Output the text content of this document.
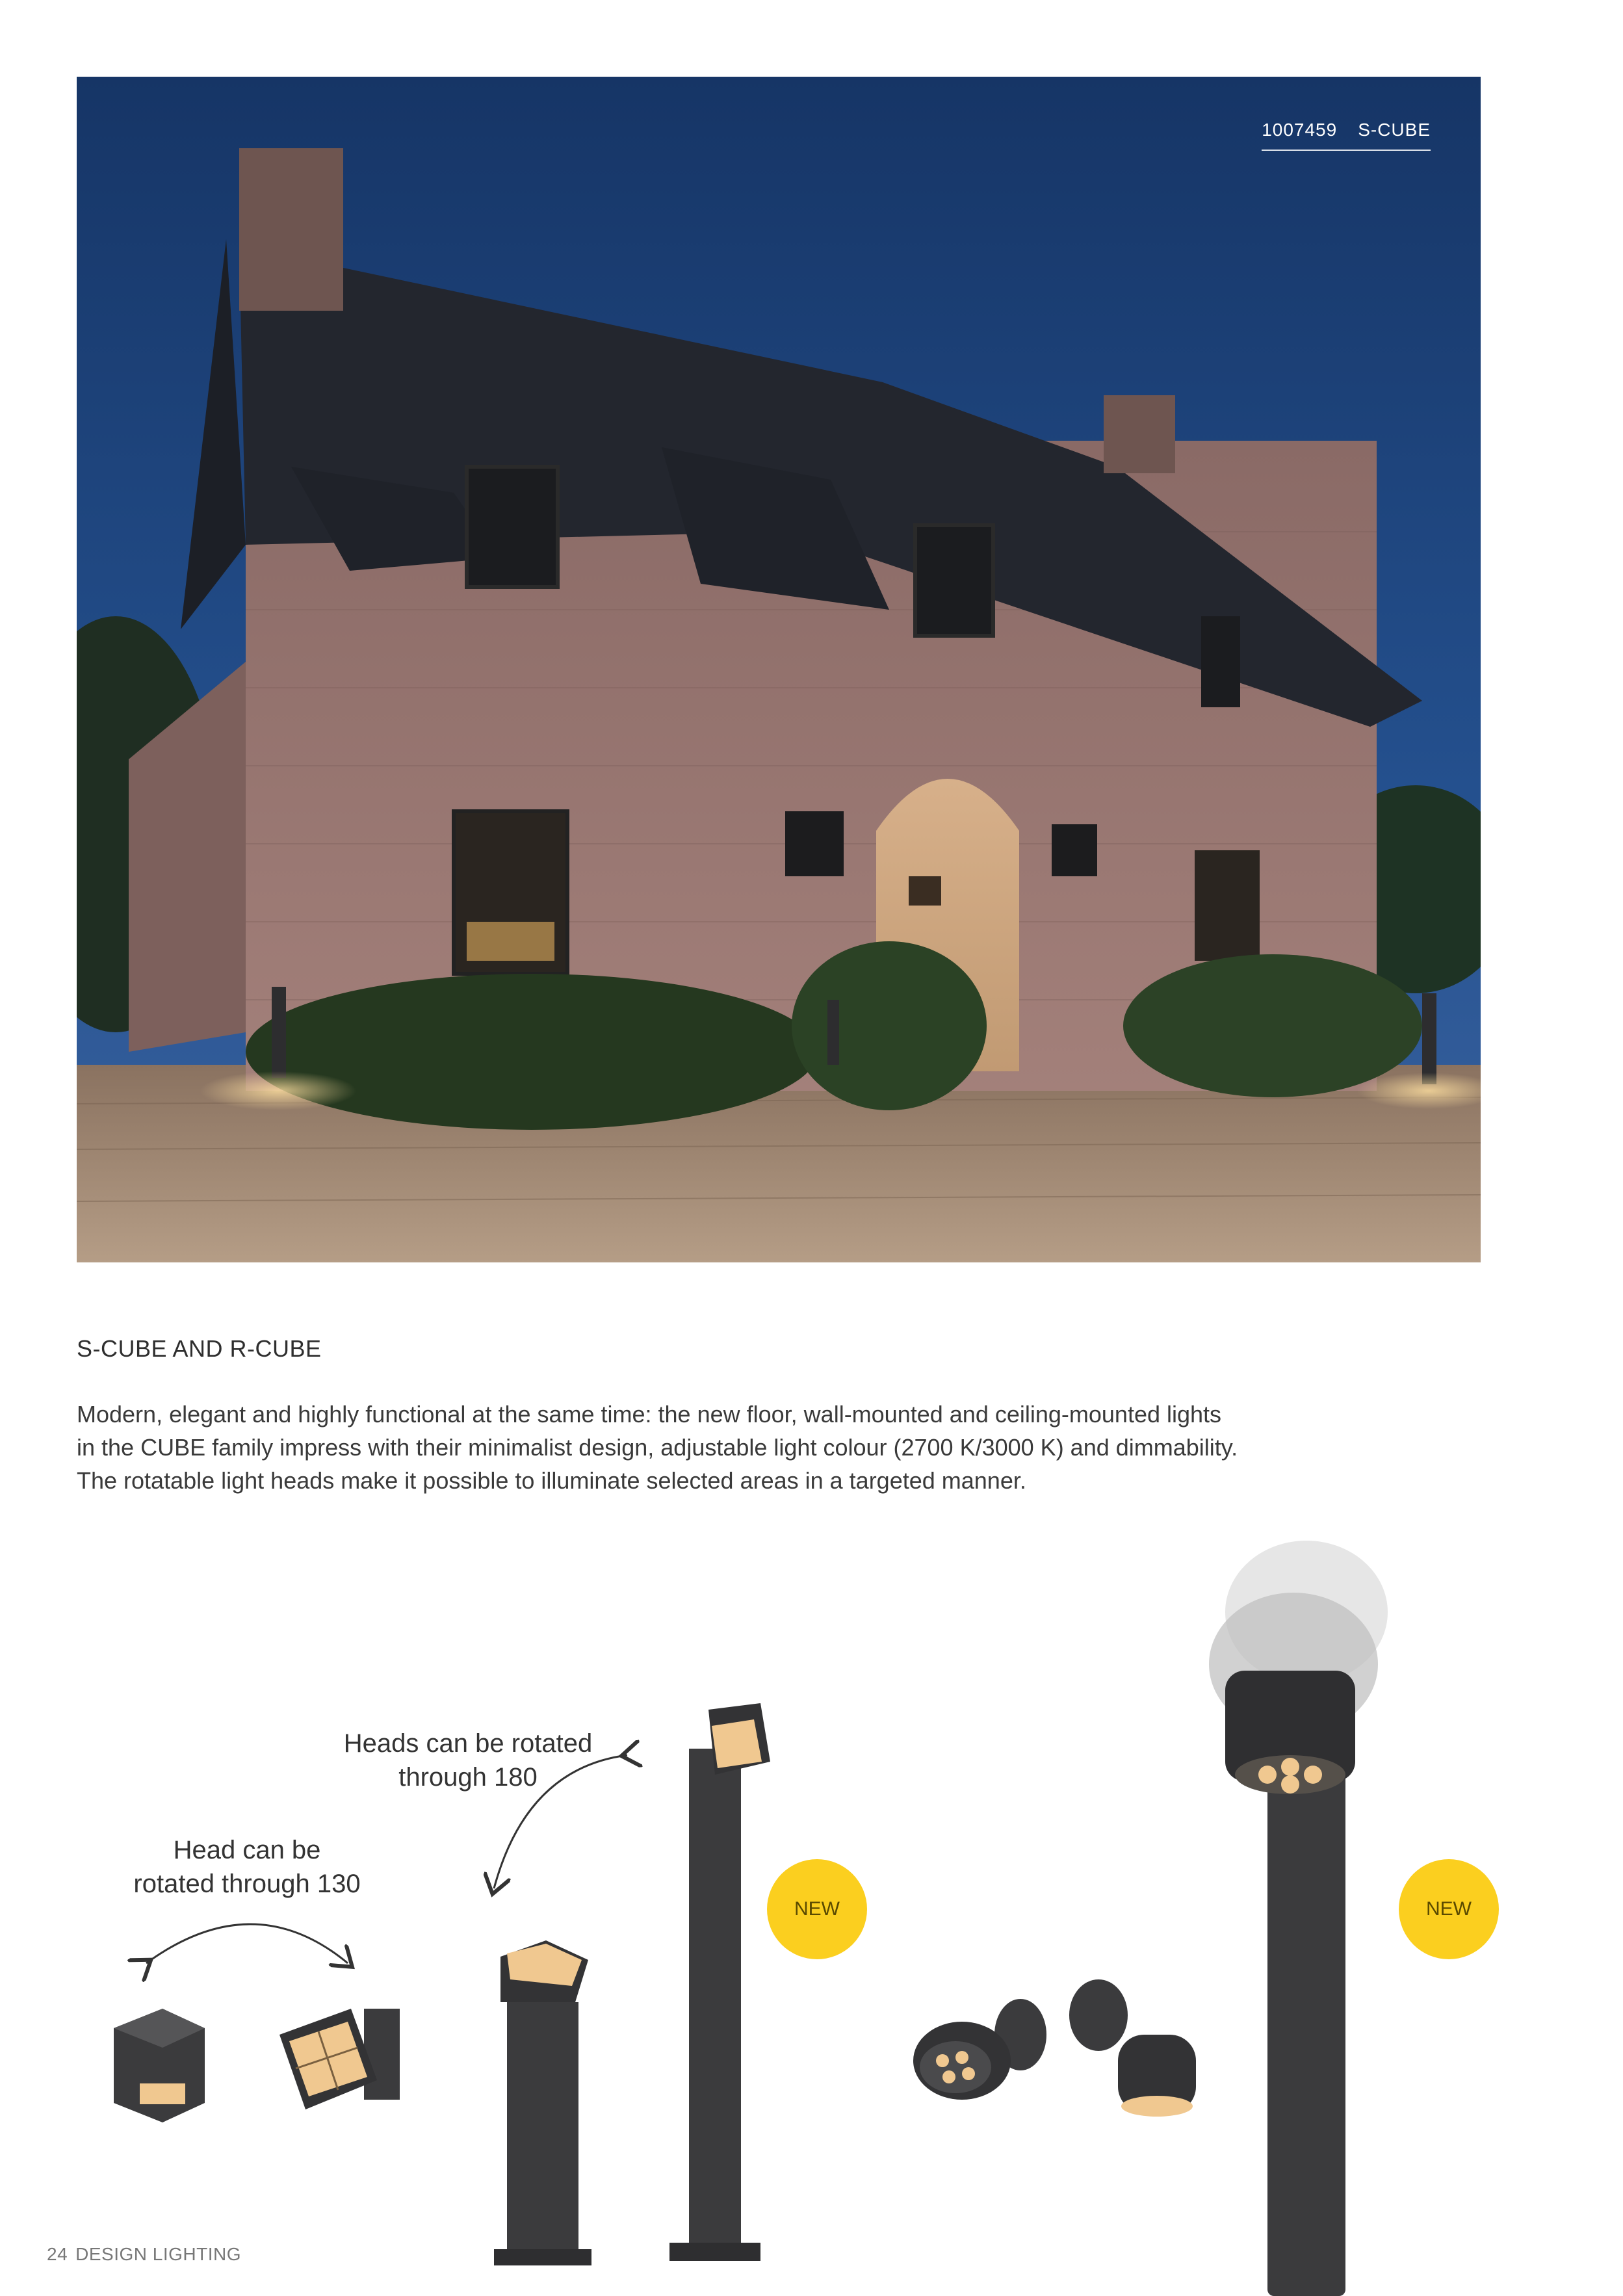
1007459 S-CUBE
S-CUBE AND R-CUBE
Modern, elegant and highly functional at the same time: the new floor, wall-mounted and ceiling-mounted lights
in the CUBE family impress with their minimalist design, adjustable light colour (2700 K/3000 K) and dimmability.
The rotatable light heads make it possible to illuminate selected areas in a targeted manner.
Heads can be rotated
through 180
Head can be
rotated through 130
NEW	NEW
24 DESIGN LIGHTING
